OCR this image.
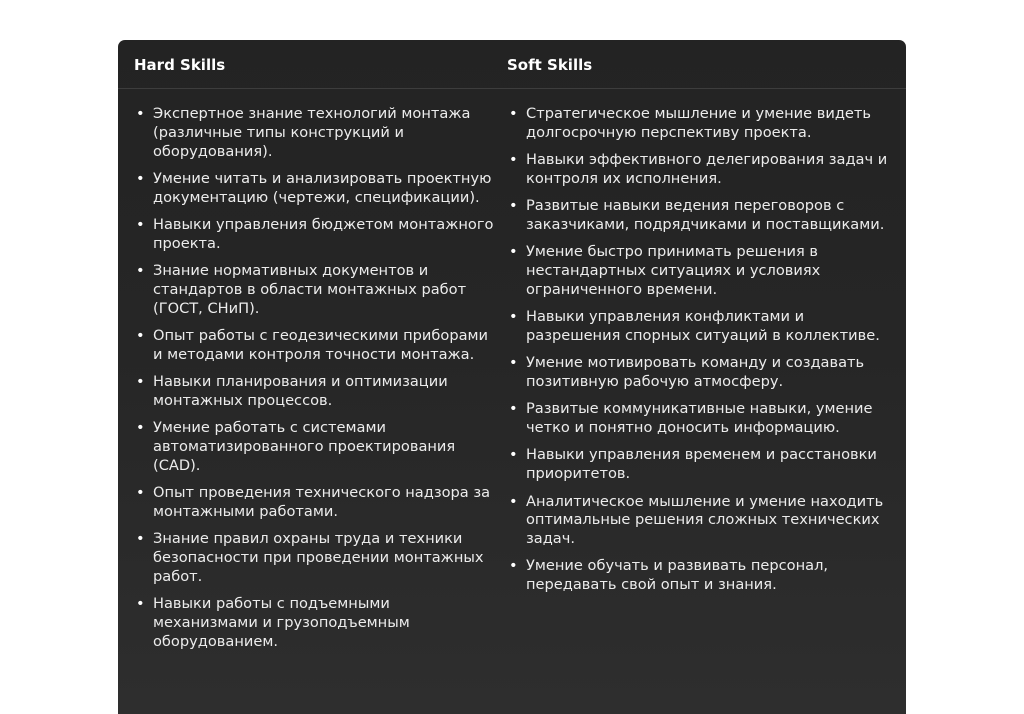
Hard Skills	Soft Skills
• Экспертное знание технологий монтажа (различные типы конструкций и оборудования).
• Умение читать и анализировать проектную документацию (чертежи, спецификации).
• Навыки управления бюджетом монтажного проекта.
• Знание нормативных документов и стандартов в области монтажных работ (ГОСТ, СНиП).
• Опыт работы с геодезическими приборами и методами контроля точности монтажа.
• Навыки планирования и оптимизации монтажных процессов.
• Умение работать с системами автоматизированного проектирования (CAD).
• Опыт проведения технического надзора за монтажными работами.
• Знание правил охраны труда и техники безопасности при проведении монтажных работ.
• Навыки работы с подъемными механизмами и грузоподъемным оборудованием.
• Стратегическое мышление и умение видеть долгосрочную перспективу проекта.
• Навыки эффективного делегирования задач и контроля их исполнения.
• Развитые навыки ведения переговоров с заказчиками, подрядчиками и поставщиками.
• Умение быстро принимать решения в нестандартных ситуациях и условиях ограниченного времени.
• Навыки управления конфликтами и разрешения спорных ситуаций в коллективе.
• Умение мотивировать команду и создавать позитивную рабочую атмосферу.
• Развитые коммуникативные навыки, умение четко и понятно доносить информацию.
• Навыки управления временем и расстановки приоритетов.
• Аналитическое мышление и умение находить оптимальные решения сложных технических задач.
• Умение обучать и развивать персонал, передавать свой опыт и знания.
